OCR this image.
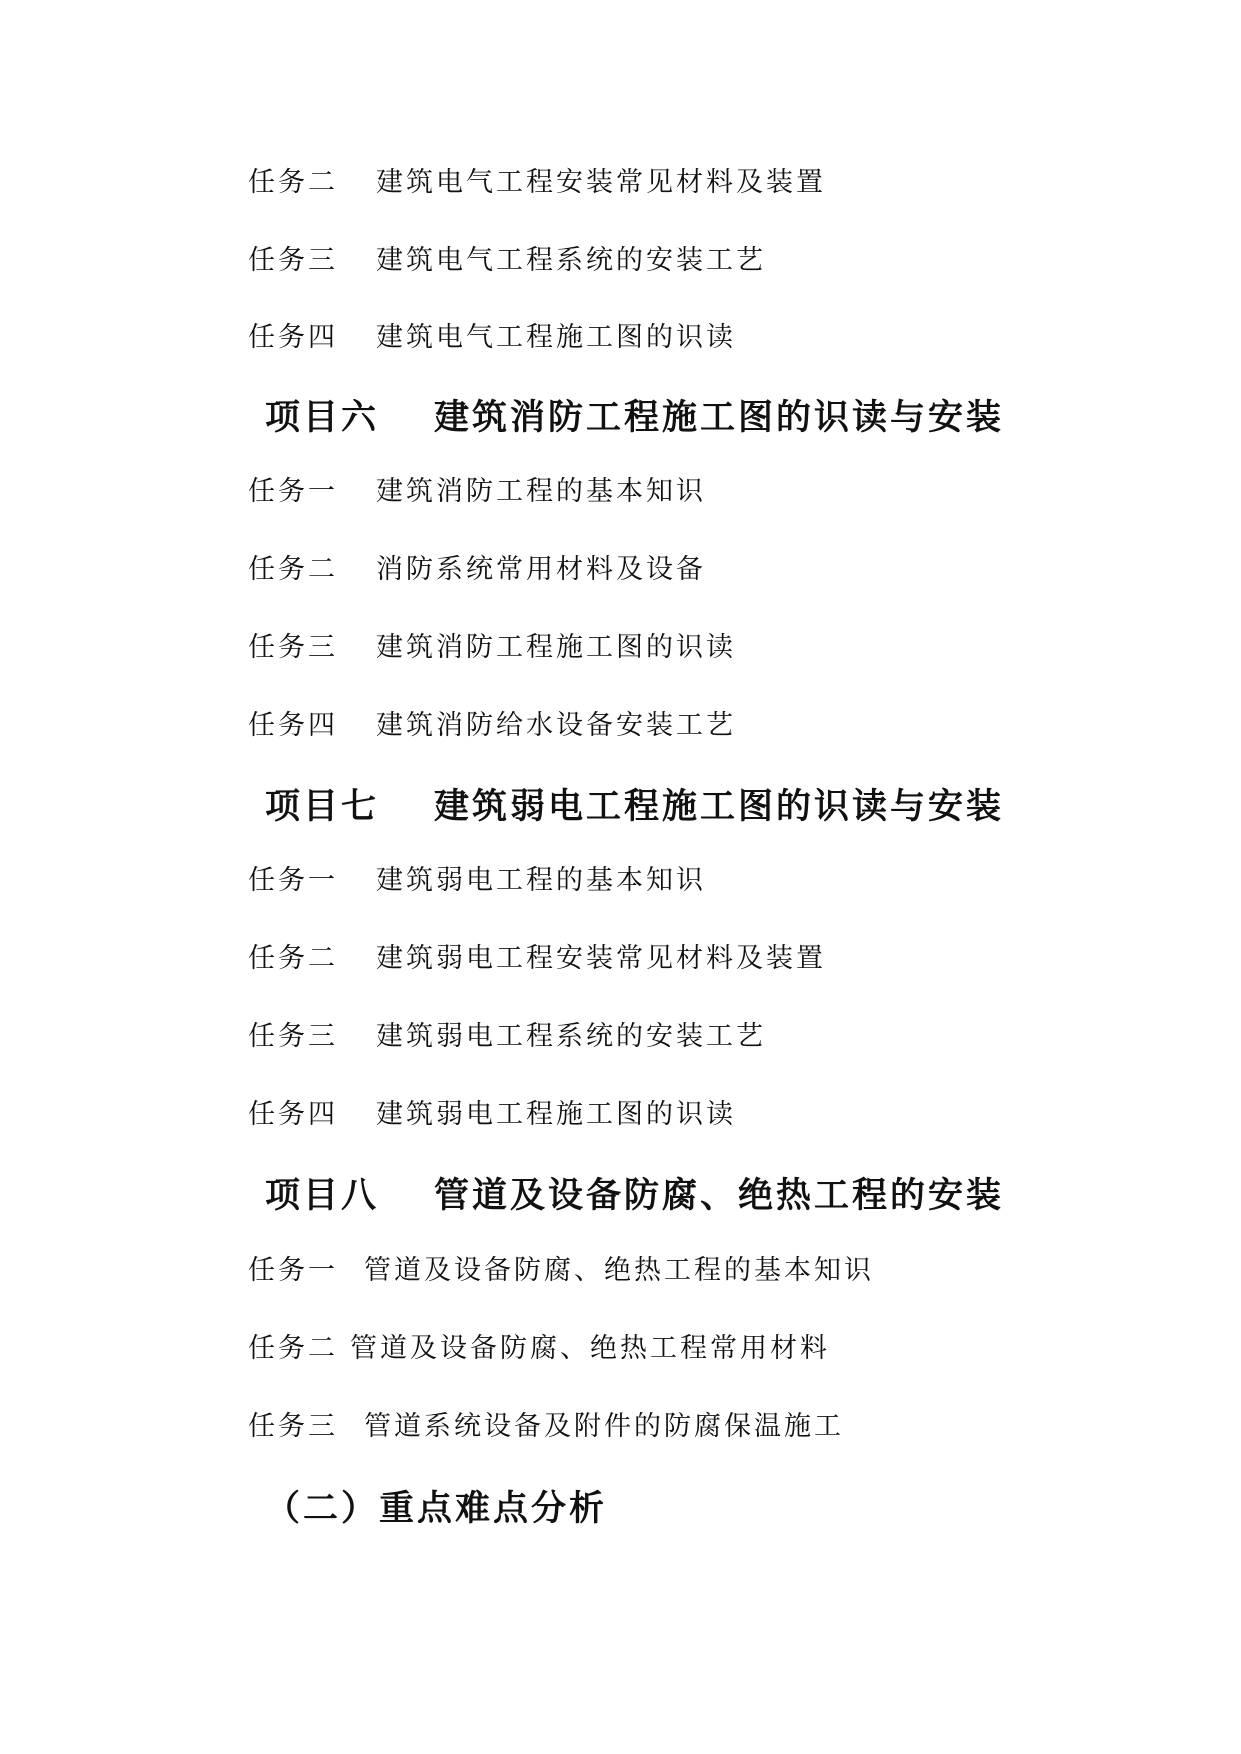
任务二 建筑电气工程安装常见材料及装置
任务三 建筑电气工程系统的安装工艺
任务四 建筑电气工程施工图的识读
项目六 建筑消防工程施工图的识读与安装
任务一 建筑消防工程的基本知识
任务二 消防系统常用材料及设备
任务三 建筑消防工程施工图的识读
任务四 建筑消防给水设备安装工艺
项目七 建筑弱电工程施工图的识读与安装
任务一 建筑弱电工程的基本知识
任务二 建筑弱电工程安装常见材料及装置
任务三 建筑弱电工程系统的安装工艺
任务四 建筑弱电工程施工图的识读
项目八 管道及设备防腐、绝热工程的安装
任务一 管道及设备防腐、绝热工程的基本知识
任务二 管道及设备防腐、绝热工程常用材料
任务三 管道系统设备及附件的防腐保温施工
（二）重点难点分析
